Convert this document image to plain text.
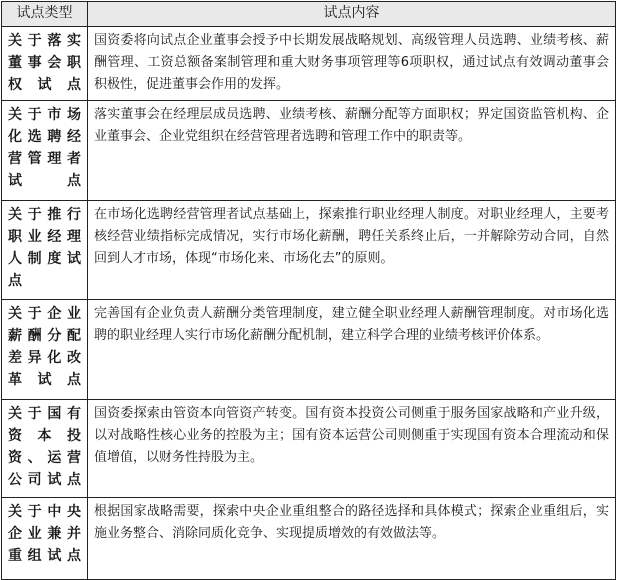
试点类型	试点内容
关于落实董事会职权试点	国资委将向试点企业董事会授予中长期发展战略规划、高级管理人员选聘、业绩考核、薪酬管理、工资总额备案制管理和重大财务事项管理等6项职权，通过试点有效调动董事会积极性，促进董事会作用的发挥。
关于市场化选聘经营管理者试点	落实董事会在经理层成员选聘、业绩考核、薪酬分配等方面职权；界定国资监管机构、企业董事会、企业党组织在经营管理者选聘和管理工作中的职责等。
关于推行职业经理人制度试点	在市场化选聘经营管理者试点基础上，探索推行职业经理人制度。对职业经理人，主要考核经营业绩指标完成情况，实行市场化薪酬，聘任关系终止后，一并解除劳动合同，自然回到人才市场，体现“市场化来、市场化去”的原则。
关于企业薪酬分配差异化改革试点	完善国有企业负责人薪酬分类管理制度，建立健全职业经理人薪酬管理制度。对市场化选聘的职业经理人实行市场化薪酬分配机制，建立科学合理的业绩考核评价体系。
关于国有资本投资、运营公司试点	国资委探索由管资本向管资产转变。国有资本投资公司侧重于服务国家战略和产业升级，以对战略性核心业务的控股为主；国有资本运营公司则侧重于实现国有资本合理流动和保值增值，以财务性持股为主。
关于中央企业兼并重组试点	根据国家战略需要，探索中央企业重组整合的路径选择和具体模式；探索企业重组后，实施业务整合、消除同质化竞争、实现提质增效的有效做法等。
